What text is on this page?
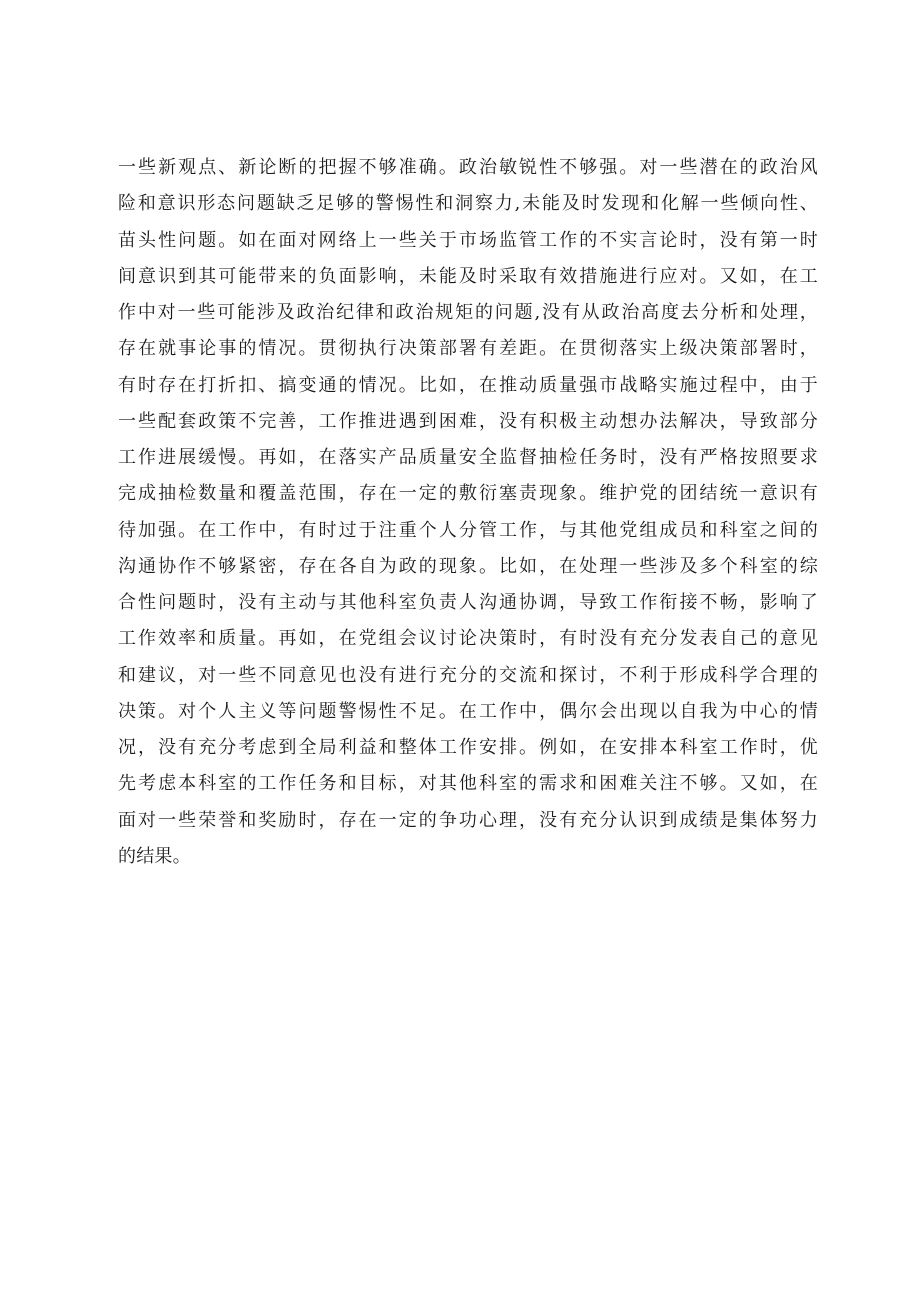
一些新观点、新论断的把握不够准确。政治敏锐性不够强。对一些潜在的政治风
险和意识形态问题缺乏足够的警惕性和洞察力,未能及时发现和化解一些倾向性、
苗头性问题。如在面对网络上一些关于市场监管工作的不实言论时，没有第一时
间意识到其可能带来的负面影响，未能及时采取有效措施进行应对。又如，在工
作中对一些可能涉及政治纪律和政治规矩的问题,没有从政治高度去分析和处理，
存在就事论事的情况。贯彻执行决策部署有差距。在贯彻落实上级决策部署时，
有时存在打折扣、搞变通的情况。比如，在推动质量强市战略实施过程中，由于
一些配套政策不完善，工作推进遇到困难，没有积极主动想办法解决，导致部分
工作进展缓慢。再如，在落实产品质量安全监督抽检任务时，没有严格按照要求
完成抽检数量和覆盖范围，存在一定的敷衍塞责现象。维护党的团结统一意识有
待加强。在工作中，有时过于注重个人分管工作，与其他党组成员和科室之间的
沟通协作不够紧密，存在各自为政的现象。比如，在处理一些涉及多个科室的综
合性问题时，没有主动与其他科室负责人沟通协调，导致工作衔接不畅，影响了
工作效率和质量。再如，在党组会议讨论决策时，有时没有充分发表自己的意见
和建议，对一些不同意见也没有进行充分的交流和探讨，不利于形成科学合理的
决策。对个人主义等问题警惕性不足。在工作中，偶尔会出现以自我为中心的情
况，没有充分考虑到全局利益和整体工作安排。例如，在安排本科室工作时，优
先考虑本科室的工作任务和目标，对其他科室的需求和困难关注不够。又如，在
面对一些荣誉和奖励时，存在一定的争功心理，没有充分认识到成绩是集体努力
的结果。
